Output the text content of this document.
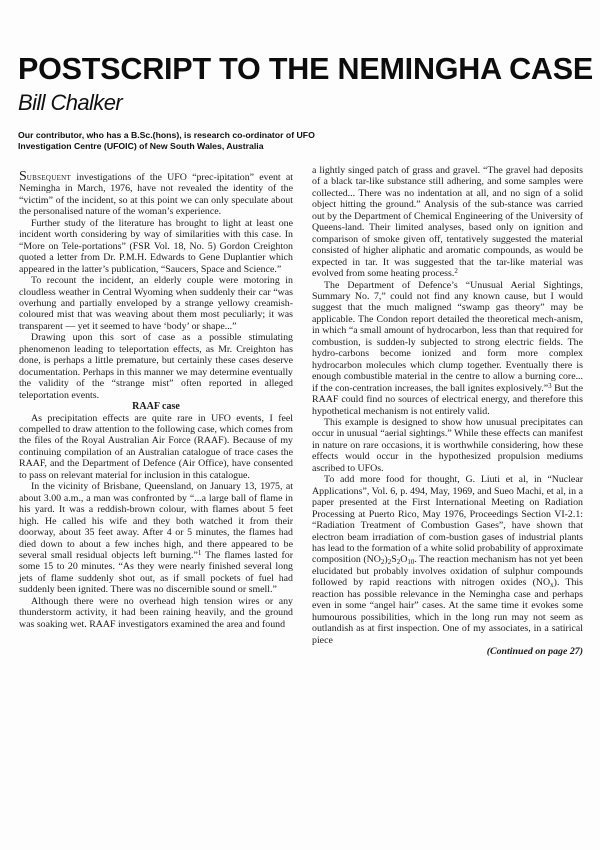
POSTSCRIPT TO THE NEMINGHA CASE
Bill Chalker
Our contributor, who has a B.Sc.(hons), is research co-ordinator of UFO
Investigation Centre (UFOIC) of New South Wales, Australia

Subsequent investigations of the UFO “prec-ipitation” event at Nemingha in March, 1976, have not revealed the identity of the “victim” of the incident, so at this point we can only speculate about the personalised nature of the woman’s experience.

Further study of the literature has brought to light at least one incident worth considering by way of similarities with this case. In “More on Tele-portations” (FSR Vol. 18, No. 5) Gordon Creighton quoted a letter from Dr. P.M.H. Edwards to Gene Duplantier which appeared in the latter’s publication, “Saucers, Space and Science.”

To recount the incident, an elderly couple were motoring in cloudless weather in Central Wyoming when suddenly their car “was overhung and partially enveloped by a strange yellowy creamish-coloured mist that was weaving about them most peculiarly; it was transparent — yet it seemed to have ‘body’ or shape...”

Drawing upon this sort of case as a possible stimulating phenomenon leading to teleportation effects, as Mr. Creighton has done, is perhaps a little premature, but certainly these cases deserve documentation. Perhaps in this manner we may determine eventually the validity of the “strange mist” often reported in alleged teleportation events.

RAAF case

As precipitation effects are quite rare in UFO events, I feel compelled to draw attention to the following case, which comes from the files of the Royal Australian Air Force (RAAF). Because of my continuing compilation of an Australian catalogue of trace cases the RAAF, and the Department of Defence (Air Office), have consented to pass on relevant material for inclusion in this catalogue.

In the vicinity of Brisbane, Queensland, on January 13, 1975, at about 3.00 a.m., a man was confronted by “...a large ball of flame in his yard. It was a reddish-brown colour, with flames about 5 feet high. He called his wife and they both watched it from their doorway, about 35 feet away. After 4 or 5 minutes, the flames had died down to about a few inches high, and there appeared to be several small residual objects left burning.”$^1$ The flames lasted for some 15 to 20 minutes. “As they were nearly finished several long jets of flame suddenly shot out, as if small pockets of fuel had suddenly been ignited. There was no discernible sound or smell.”

Although there were no overhead high tension wires or any thunderstorm activity, it had been raining heavily, and the ground was soaking wet. RAAF investigators examined the area and found

a lightly singed patch of grass and gravel. “The gravel had deposits of a black tar-like substance still adhering, and some samples were collected... There was no indentation at all, and no sign of a solid object hitting the ground.” Analysis of the sub-stance was carried out by the Department of Chemical Engineering of the University of Queens-land. Their limited analyses, based only on ignition and comparison of smoke given off, tentatively suggested the material consisted of higher aliphatic and aromatic compounds, as would be expected in tar. It was suggested that the tar-like material was evolved from some heating process.$^2$

The Department of Defence’s “Unusual Aerial Sightings, Summary No. 7,” could not find any known cause, but I would suggest that the much maligned “swamp gas theory” may be applicable. The Condon report detailed the theoretical mech-anism, in which “a small amount of hydrocarbon, less than that required for combustion, is sudden-ly subjected to strong electric fields. The hydro-carbons become ionized and form more complex hydrocarbon molecules which clump together. Eventually there is enough combustible material in the centre to allow a burning core... if the con-centration increases, the ball ignites explosively.”$^3$ But the RAAF could find no sources of electrical energy, and therefore this hypothetical mechanism is not entirely valid.

This example is designed to show how unusual precipitates can occur in unusual “aerial sightings.” While these effects can manifest in nature on rare occasions, it is worthwhile considering, how these effects would occur in the hypothesized propulsion mediums ascribed to UFOs.

To add more food for thought, G. Liuti et al, in “Nuclear Applications”, Vol. 6, p. 494, May, 1969, and Sueo Machi, et al, in a paper presented at the First International Meeting on Radiation Processing at Puerto Rico, May 1976, Proceedings Section VI-2.1: “Radiation Treatment of Combustion Gases”, have shown that electron beam irradiation of com-bustion gases of industrial plants has lead to the formation of a white solid probability of approximate composition $(NO_2)_2S_2O_{10}$. The reaction mechanism has not yet been elucidated but probably involves oxidation of sulphur compounds followed by rapid reactions with nitrogen oxides $(NO_x)$. This reaction has possible relevance in the Nemingha case and perhaps even in some “angel hair” cases. At the same time it evokes some humourous possibilities, which in the long run may not seem as outlandish as at first inspection. One of my associates, in a satirical piece

(Continued on page 27)
